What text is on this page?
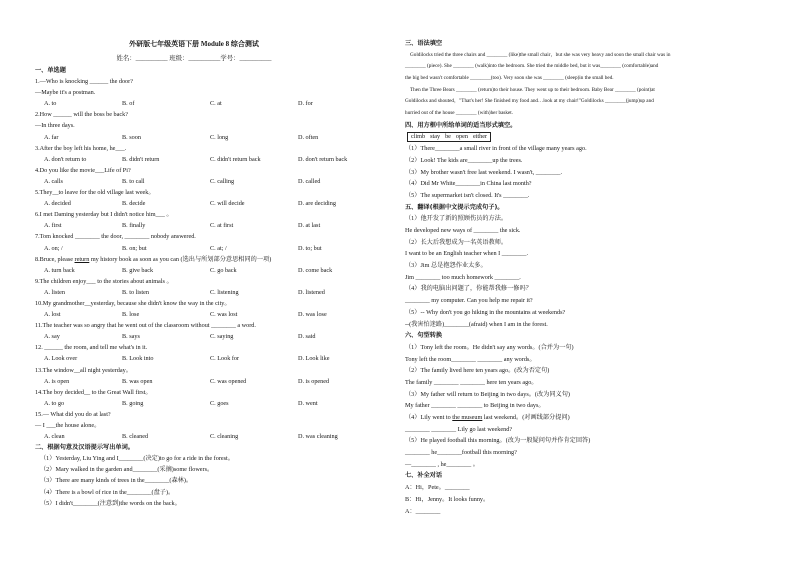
外研版七年级英语下册 Module 8 综合测试
姓名：__________ 班级：__________学号：__________
一、单选题
1.—Who is knocking ______ the door?
—Maybe it's a postman.
A. to	B. of	C. at	D. for
2.How ______ will the boss be back?
—In three days.
A. far	B. soon	C. long	D. often
3.After the boy left his home, he___.
A. don't return to	B. didn't return	C. didn't return back	D. don't return back
4.Do you like the movie___Life of Pi?
A. calls	B. to call	C. calling	D. called
5.They__to leave for the old village last week。
A. decided	B. decide	C. will decide	D. are deciding
6.I met Daming yesterday but I didn't notice him___ 。
A. first	B. finally	C. at first	D. at last
7.Tom knocked ________ the door, ________ nobody answered.
A. on; /	B. on; but	C. at; /	D. to; but
8.Bruce, please return my history book as soon as you can (选出与所划部分意思相同的一项)
A. turn back	B. give back	C. go back	D. come back
9.The children enjoy___ to the stories about animals 。
A. listen	B. to listen	C. listening	D. listened
10.My grandmother__yesterday, because she didn't know the way in the city。
A. lost	B. lose	C. was lost	D. was lose
11.The teacher was so angry that he went out of the classroom without ________ a word.
A. say	B. says	C. saying	D. said
12. ______ the room, and tell me what's in it.
A. Look over	B. Look into	C. Look for	D. Look like
13.The window__all night yesterday。
A. is open	B. was open	C. was opened	D. is opened
14.The boy decided__ to the Great Wall first。
A. to go	B. going	C. goes	D. went
15.— What did you do at last?
— I ___the house alone。
A. clean	B. cleaned	C. cleaning	D. was cleaning
二、根据句意及汉语提示写出单词。
（1）Yesterday, Liu Ying and I________(决定)to go for a ride in the forest。
（2）Mary walked in the garden and________(采摘)some flowers。
（3）There are many kinds of trees in the________(森林)。
（4）There is a bowl of rice in the________(盘子)。
（5）I didn't________(注意到)the words on the back。
三、语法填空
Goldilocks tried the three chairs and ________ (like)the small chair，but she was very heavy and soon the small chair was in
________ (piece). She ________ (walk)into the bedroom. She tried the middle bed, but it was________ (comfortable)and
the big bed wasn't comfortable ________(too). Very soon she was ________ (sleep)in the small bed.
Then the Three Bears ________ (return)to their house. They went up to their bedroom. Baby Bear ________ (point)at
Goldilocks and shouted，"That's her! She finished my food and…look at my chair!"Goldilocks ________(jump)up and
hurried out of the house ________ (with)her basket.
四、用方框中所给单词的适当形式填空。
climb stay be open either
（1）There________a small river in front of the village many years ago.
（2）Look! The kids are________up the trees.
（3）My brother wasn't free last weekend. I wasn't, ________.
（4）Did Mr White________in China last month?
（5）The supermarket isn't closed. It's ________.
五、翻译(根据中文提示完成句子)。
（1）他开发了新的照顾伤员的方法。
He developed new ways of ________ the sick.
（2）长大后我想成为一名英语教师。
I want to be an English teacher when I ________.
（3）Jim 总是抱怨作业太多。
Jim ________ too much homework ________.
（4）我的电脑出问题了，你能帮我修一修吗？
________ my computer. Can you help me repair it?
（5）-- Why don't you go hiking in the mountains at weekends?
--(我害怕迷路)________(afraid) when I am in the forest.
六、句型转换
（1）Tony left the room。He didn't say any words。(合并为一句)
Tony left the room________ ________ any words。
（2）The family lived here ten years ago。(改为否定句)
The family ________ ________ here ten years ago。
（3）My father will return to Beijing in two days。(改为同义句)
My father ________ ________ to Beijing in two days。
（4）Lily went to the museum last weekend。(对画线部分提问)
________ ________ Lily go last weekend?
（5）He played football this morning。(改为一般疑问句并作肯定回答)
________ he________football this morning?
—________ , he________ 。
七、补全对话
A：Hi，Pete。________
B：Hi，Jenny。It looks funny。
A：________
